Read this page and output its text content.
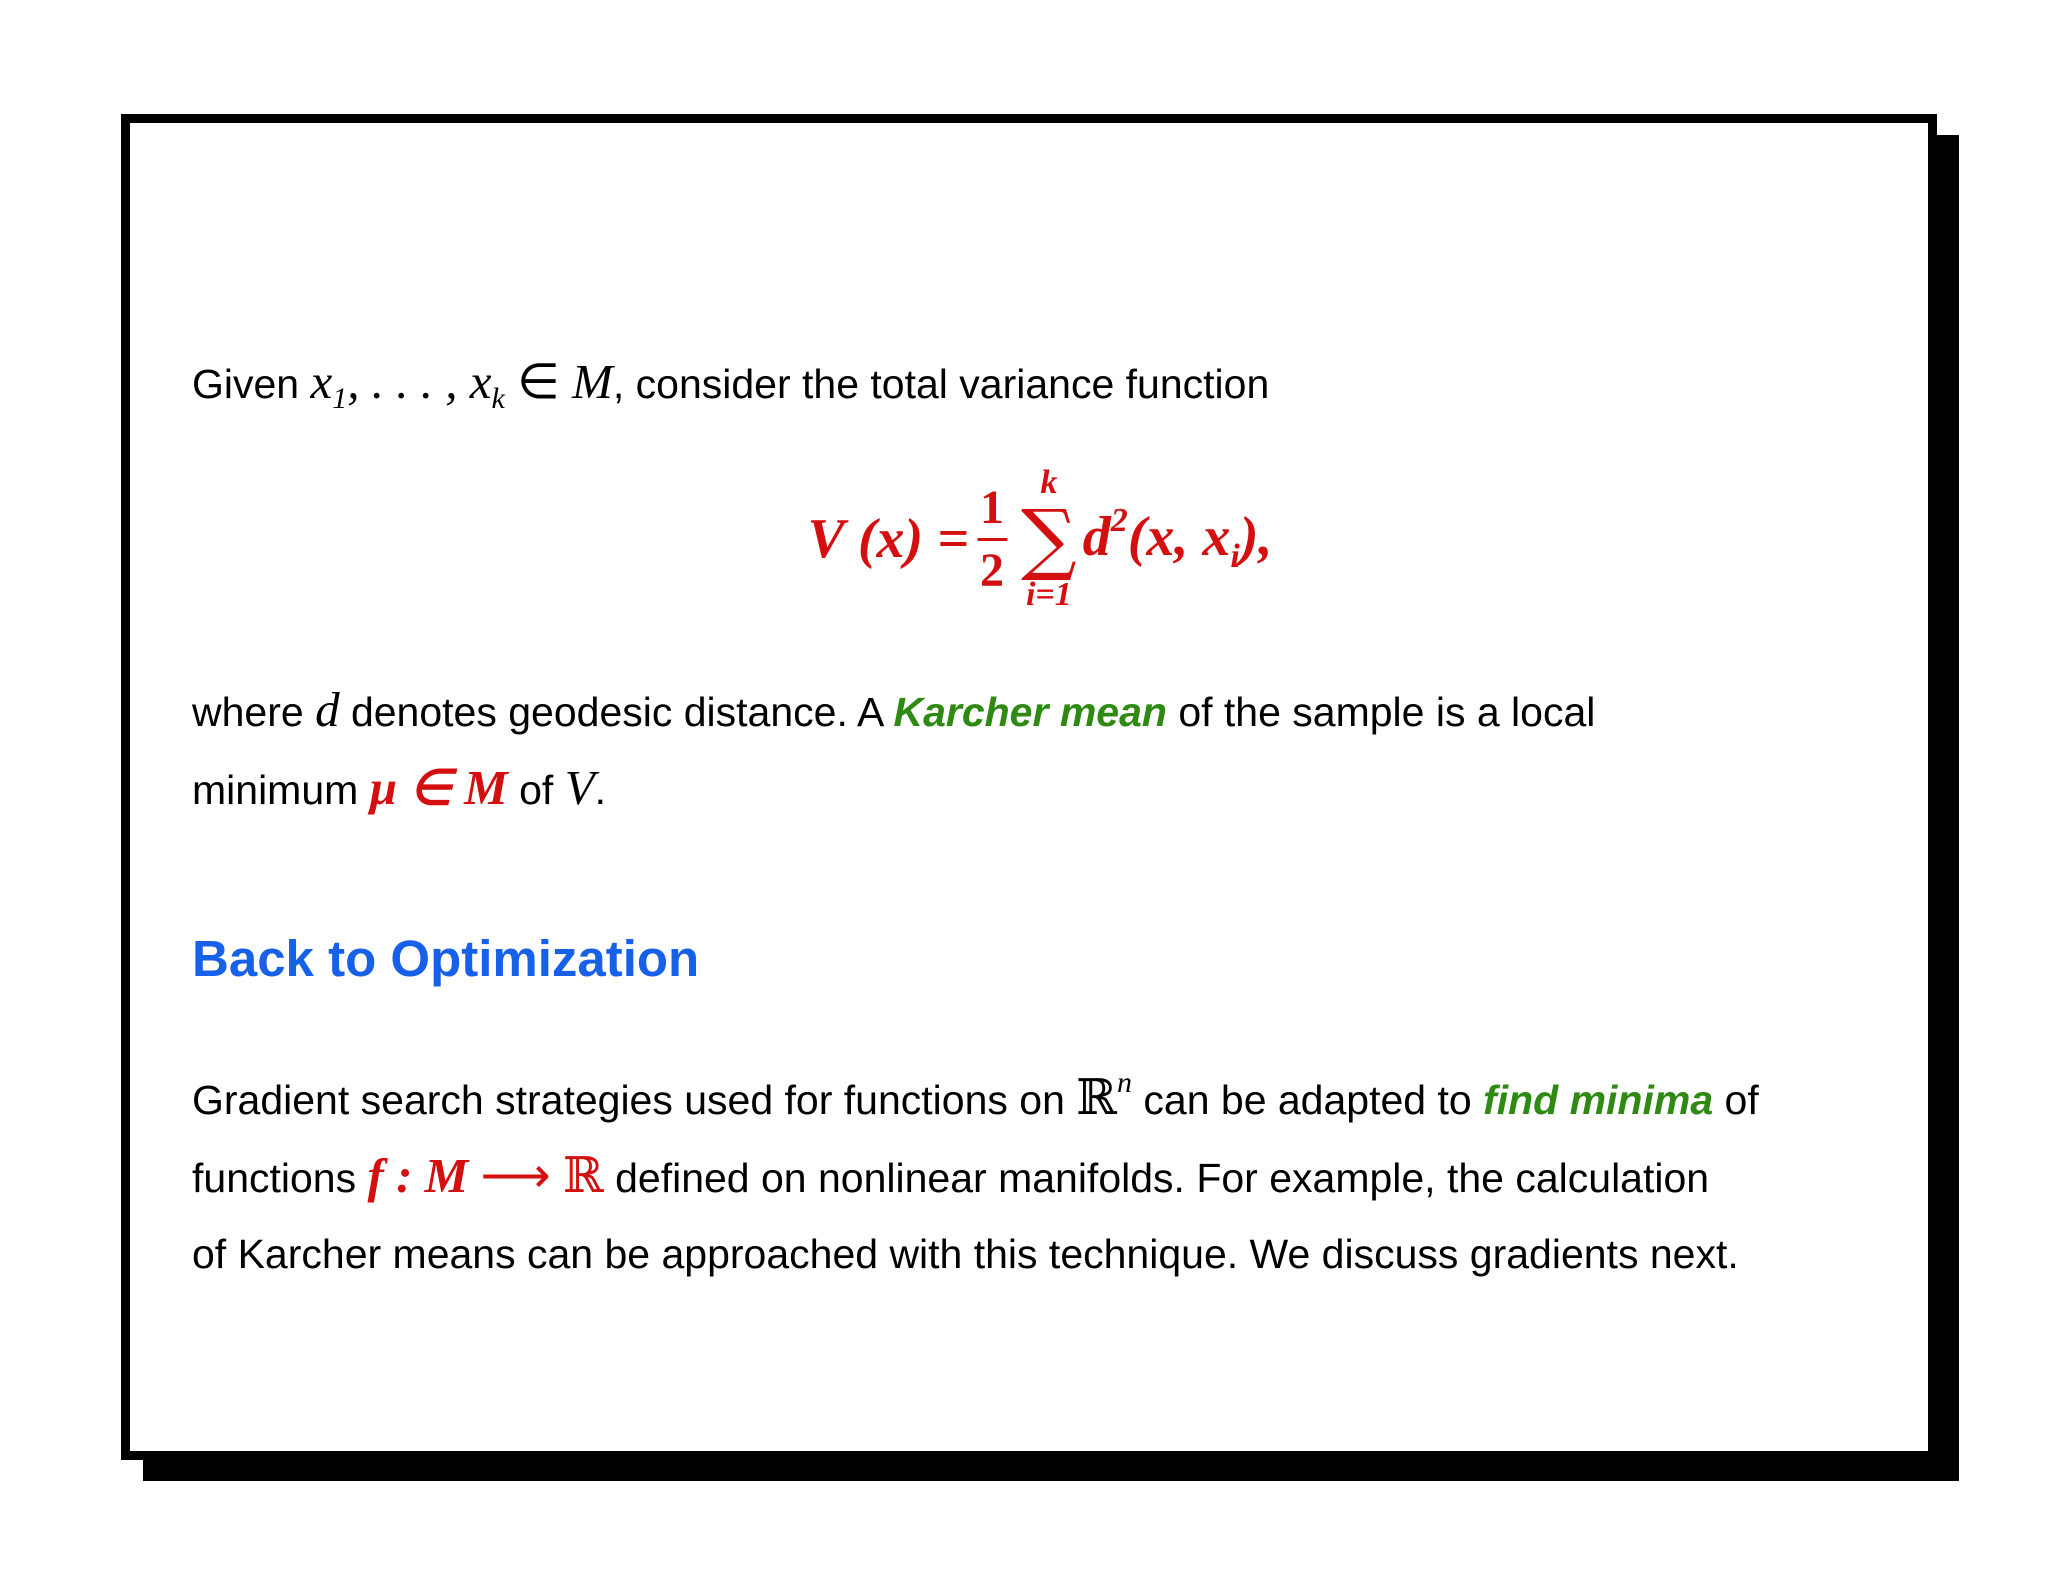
Given $x_1$, . . . , $x_k$ ∈ M, consider the total variance function

V $(x) = \frac{1}{2}$
k
∑
i=1
$d^2(x$, $x_i$),

where d denotes geodesic distance. A Karcher mean of the sample is a local
minimum μ ∈ M of V.

Back to Optimization

Gradient search strategies used for functions on ℝ$^n$ can be adapted to find minima of
functions f : M ⟶ ℝ defined on nonlinear manifolds. For example, the calculation
of Karcher means can be approached with this technique. We discuss gradients next.
